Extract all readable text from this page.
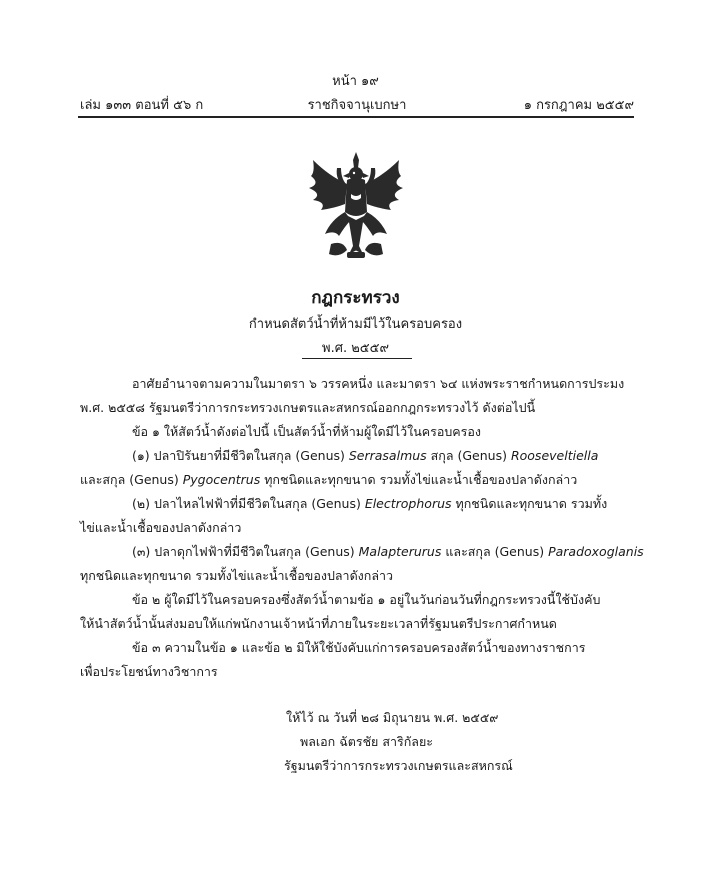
หน้า ๑๙
ราชกิจจานุเบกษา
เล่ม ๑๓๓ ตอนที่ ๕๖ ก	๑ กรกฎาคม ๒๕๕๙
กฎกระทรวง
กำหนดสัตว์น้ำที่ห้ามมีไว้ในครอบครอง
พ.ศ. ๒๕๕๙
อาศัยอำนาจตามความในมาตรา ๖ วรรคหนึ่ง และมาตรา ๖๔ แห่งพระราชกำหนดการประมง
พ.ศ. ๒๕๕๘ รัฐมนตรีว่าการกระทรวงเกษตรและสหกรณ์ออกกฎกระทรวงไว้ ดังต่อไปนี้
ข้อ ๑ ให้สัตว์น้ำดังต่อไปนี้ เป็นสัตว์น้ำที่ห้ามผู้ใดมีไว้ในครอบครอง
(๑) ปลาปิรันยาที่มีชีวิตในสกุล (Genus) Serrasalmus สกุล (Genus) Rooseveltiella
และสกุล (Genus) Pygocentrus ทุกชนิดและทุกขนาด รวมทั้งไข่และน้ำเชื้อของปลาดังกล่าว
(๒) ปลาไหลไฟฟ้าที่มีชีวิตในสกุล (Genus) Electrophorus ทุกชนิดและทุกขนาด รวมทั้ง
ไข่และน้ำเชื้อของปลาดังกล่าว
(๓) ปลาดุกไฟฟ้าที่มีชีวิตในสกุล (Genus) Malapterurus และสกุล (Genus) Paradoxoglanis
ทุกชนิดและทุกขนาด รวมทั้งไข่และน้ำเชื้อของปลาดังกล่าว
ข้อ ๒ ผู้ใดมีไว้ในครอบครองซึ่งสัตว์น้ำตามข้อ ๑ อยู่ในวันก่อนวันที่กฎกระทรวงนี้ใช้บังคับ
ให้นำสัตว์น้ำนั้นส่งมอบให้แก่พนักงานเจ้าหน้าที่ภายในระยะเวลาที่รัฐมนตรีประกาศกำหนด
ข้อ ๓ ความในข้อ ๑ และข้อ ๒ มิให้ใช้บังคับแก่การครอบครองสัตว์น้ำของทางราชการ
เพื่อประโยชน์ทางวิชาการ
ให้ไว้ ณ วันที่ ๒๘ มิถุนายน พ.ศ. ๒๕๕๙
พลเอก ฉัตรชัย สาริกัลยะ
รัฐมนตรีว่าการกระทรวงเกษตรและสหกรณ์
